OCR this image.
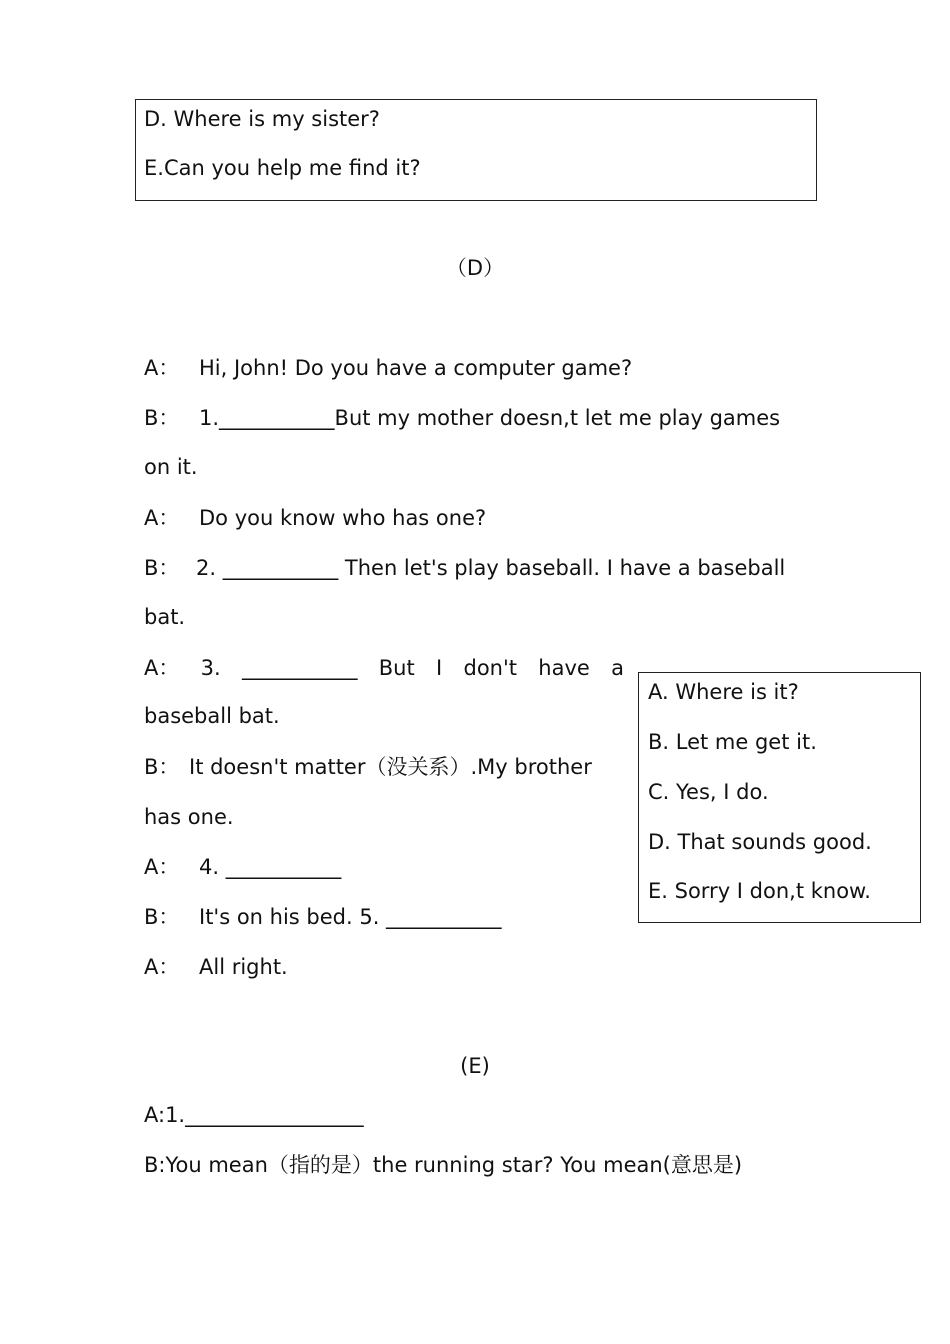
D. Where is my sister?
E.Can you help me find it?
（D）
A： Hi, John! Do you have a computer game?
B： 1.___________But my mother doesn,t let me play games
on it.
A： Do you know who has one?
B： 2. ___________ Then let's play baseball. I have a baseball
bat.
A： 3. ___________ But I don't have a
baseball bat.
B： It doesn't matter（没关系）.My brother
has one.
A： 4. ___________
B： It's on his bed. 5. ___________
A： All right.
A. Where is it?
B. Let me get it.
C. Yes, I do.
D. That sounds good.
E. Sorry I don,t know.
(E)
A:1._________________
B:You mean（指的是）the running star? You mean(意思是)
